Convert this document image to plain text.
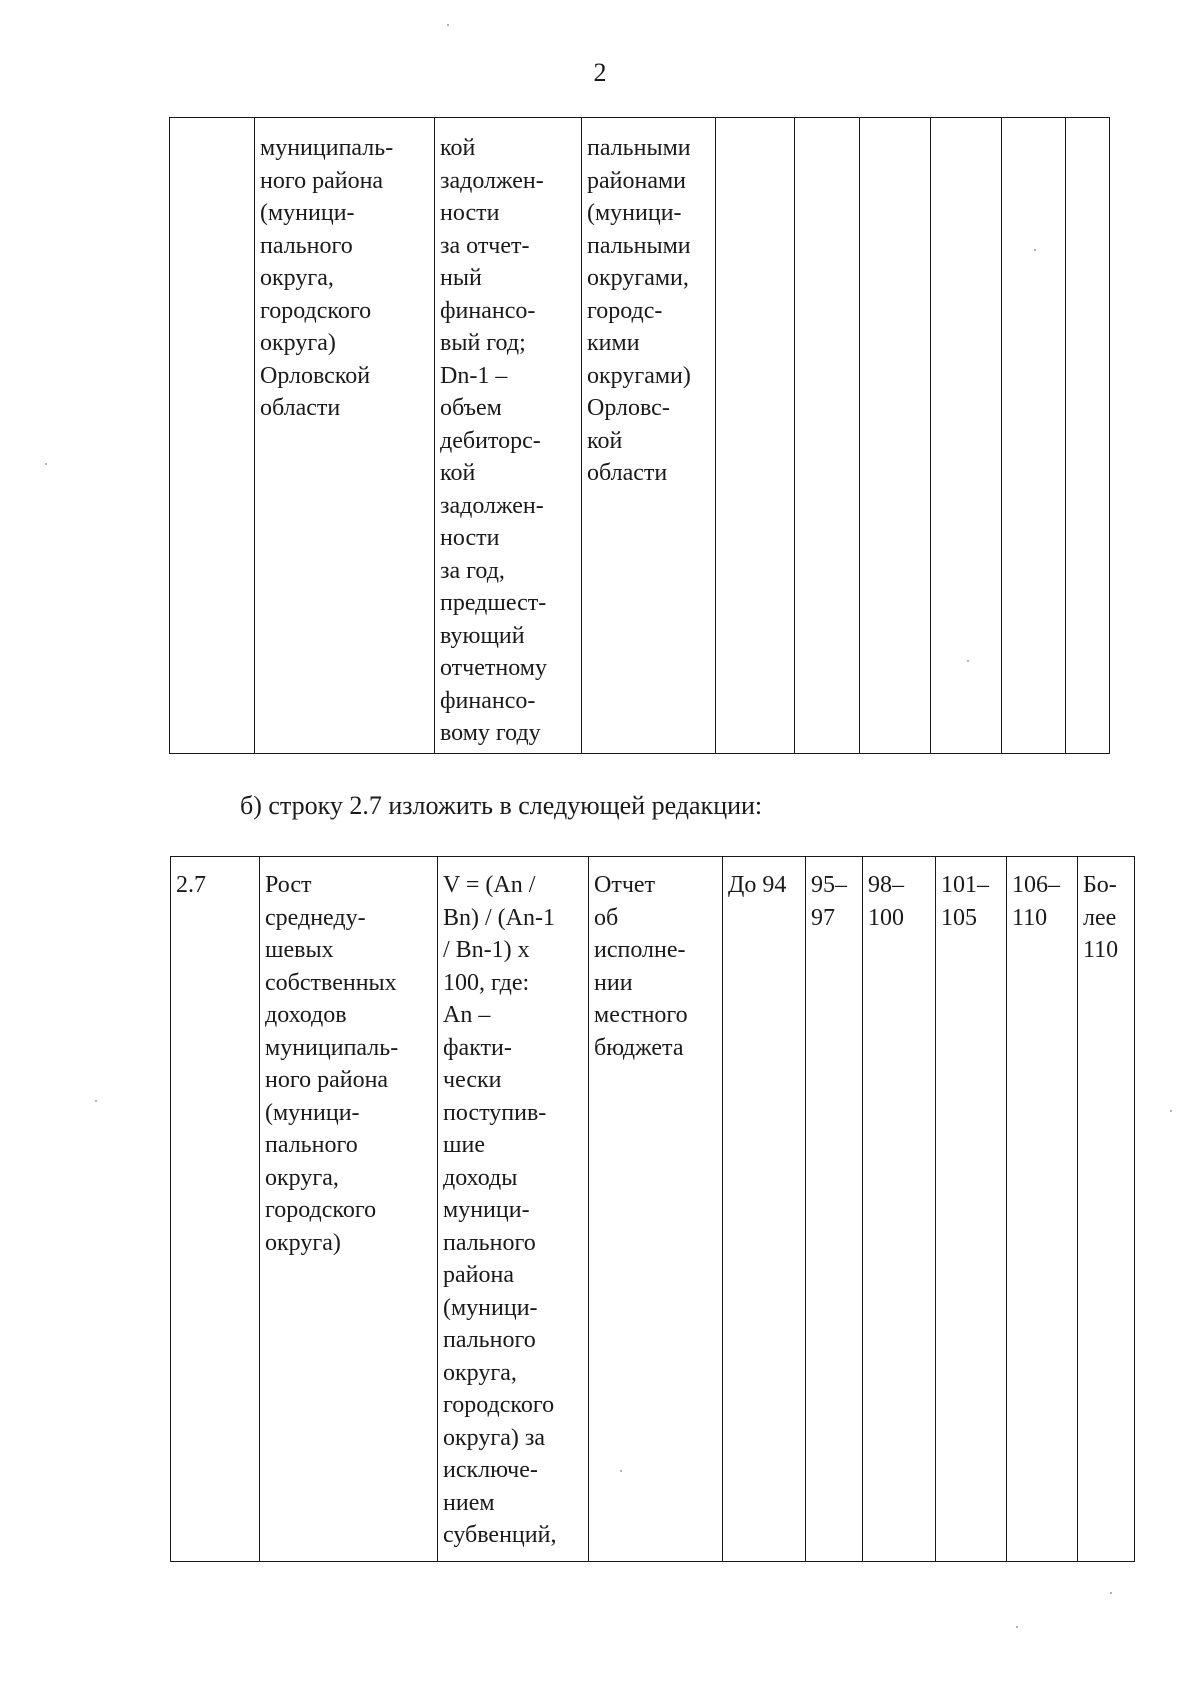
2
	муниципаль-
ного района
(муници-
пального
округа,
городского
округа)
Орловской
области	кой
задолжен-
ности
за отчет-
ный
финансо-
вый год;
Dn-1 –
объем
дебиторс-
кой
задолжен-
ности
за год,
предшест-
вующий
отчетному
финансо-
вому году	пальными
районами
(муници-
пальными
округами,
городс-
кими
округами)
Орловс-
кой
области						
б) строку 2.7 изложить в следующей редакции:
2.7	Рост
среднеду-
шевых
собственных
доходов
муниципаль-
ного района
(муници-
пального
округа,
городского
округа)	V = (An /
Bn) / (An-1
/ Bn-1) x
100, где:
An –
факти-
чески
поступив-
шие
доходы
муници-
пального
района
(муници-
пального
округа,
городского
округа) за
исключе-
нием
субвенций,	Отчет
об
исполне-
нии
местного
бюджета	До 94	95–
97	98–
100	101–
105	106–
110	Бо-
лее
110
